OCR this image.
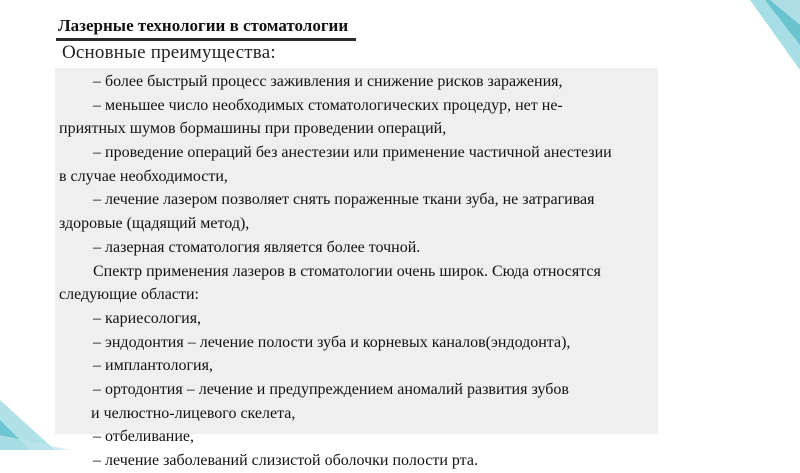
Лазерные технологии в стоматологии
Основные преимущества:
– более быстрый процесс заживления и снижение рисков заражения,
– меньшее число необходимых стоматологических процедур, нет не-
приятных шумов бормашины при проведении операций,
– проведение операций без анестезии или применение частичной анестезии
в случае необходимости,
– лечение лазером позволяет снять пораженные ткани зуба, не затрагивая
здоровые (щадящий метод),
– лазерная стоматология является более точной.
Спектр применения лазеров в стоматологии очень широк. Сюда относятся
следующие области:
– кариесология,
– эндодонтия – лечение полости зуба и корневых каналов(эндодонта),
– имплантология,
– ортодонтия – лечение и предупреждением аномалий развития зубов
и челюстно-лицевого скелета,
– отбеливание,
– лечение заболеваний слизистой оболочки полости рта.
